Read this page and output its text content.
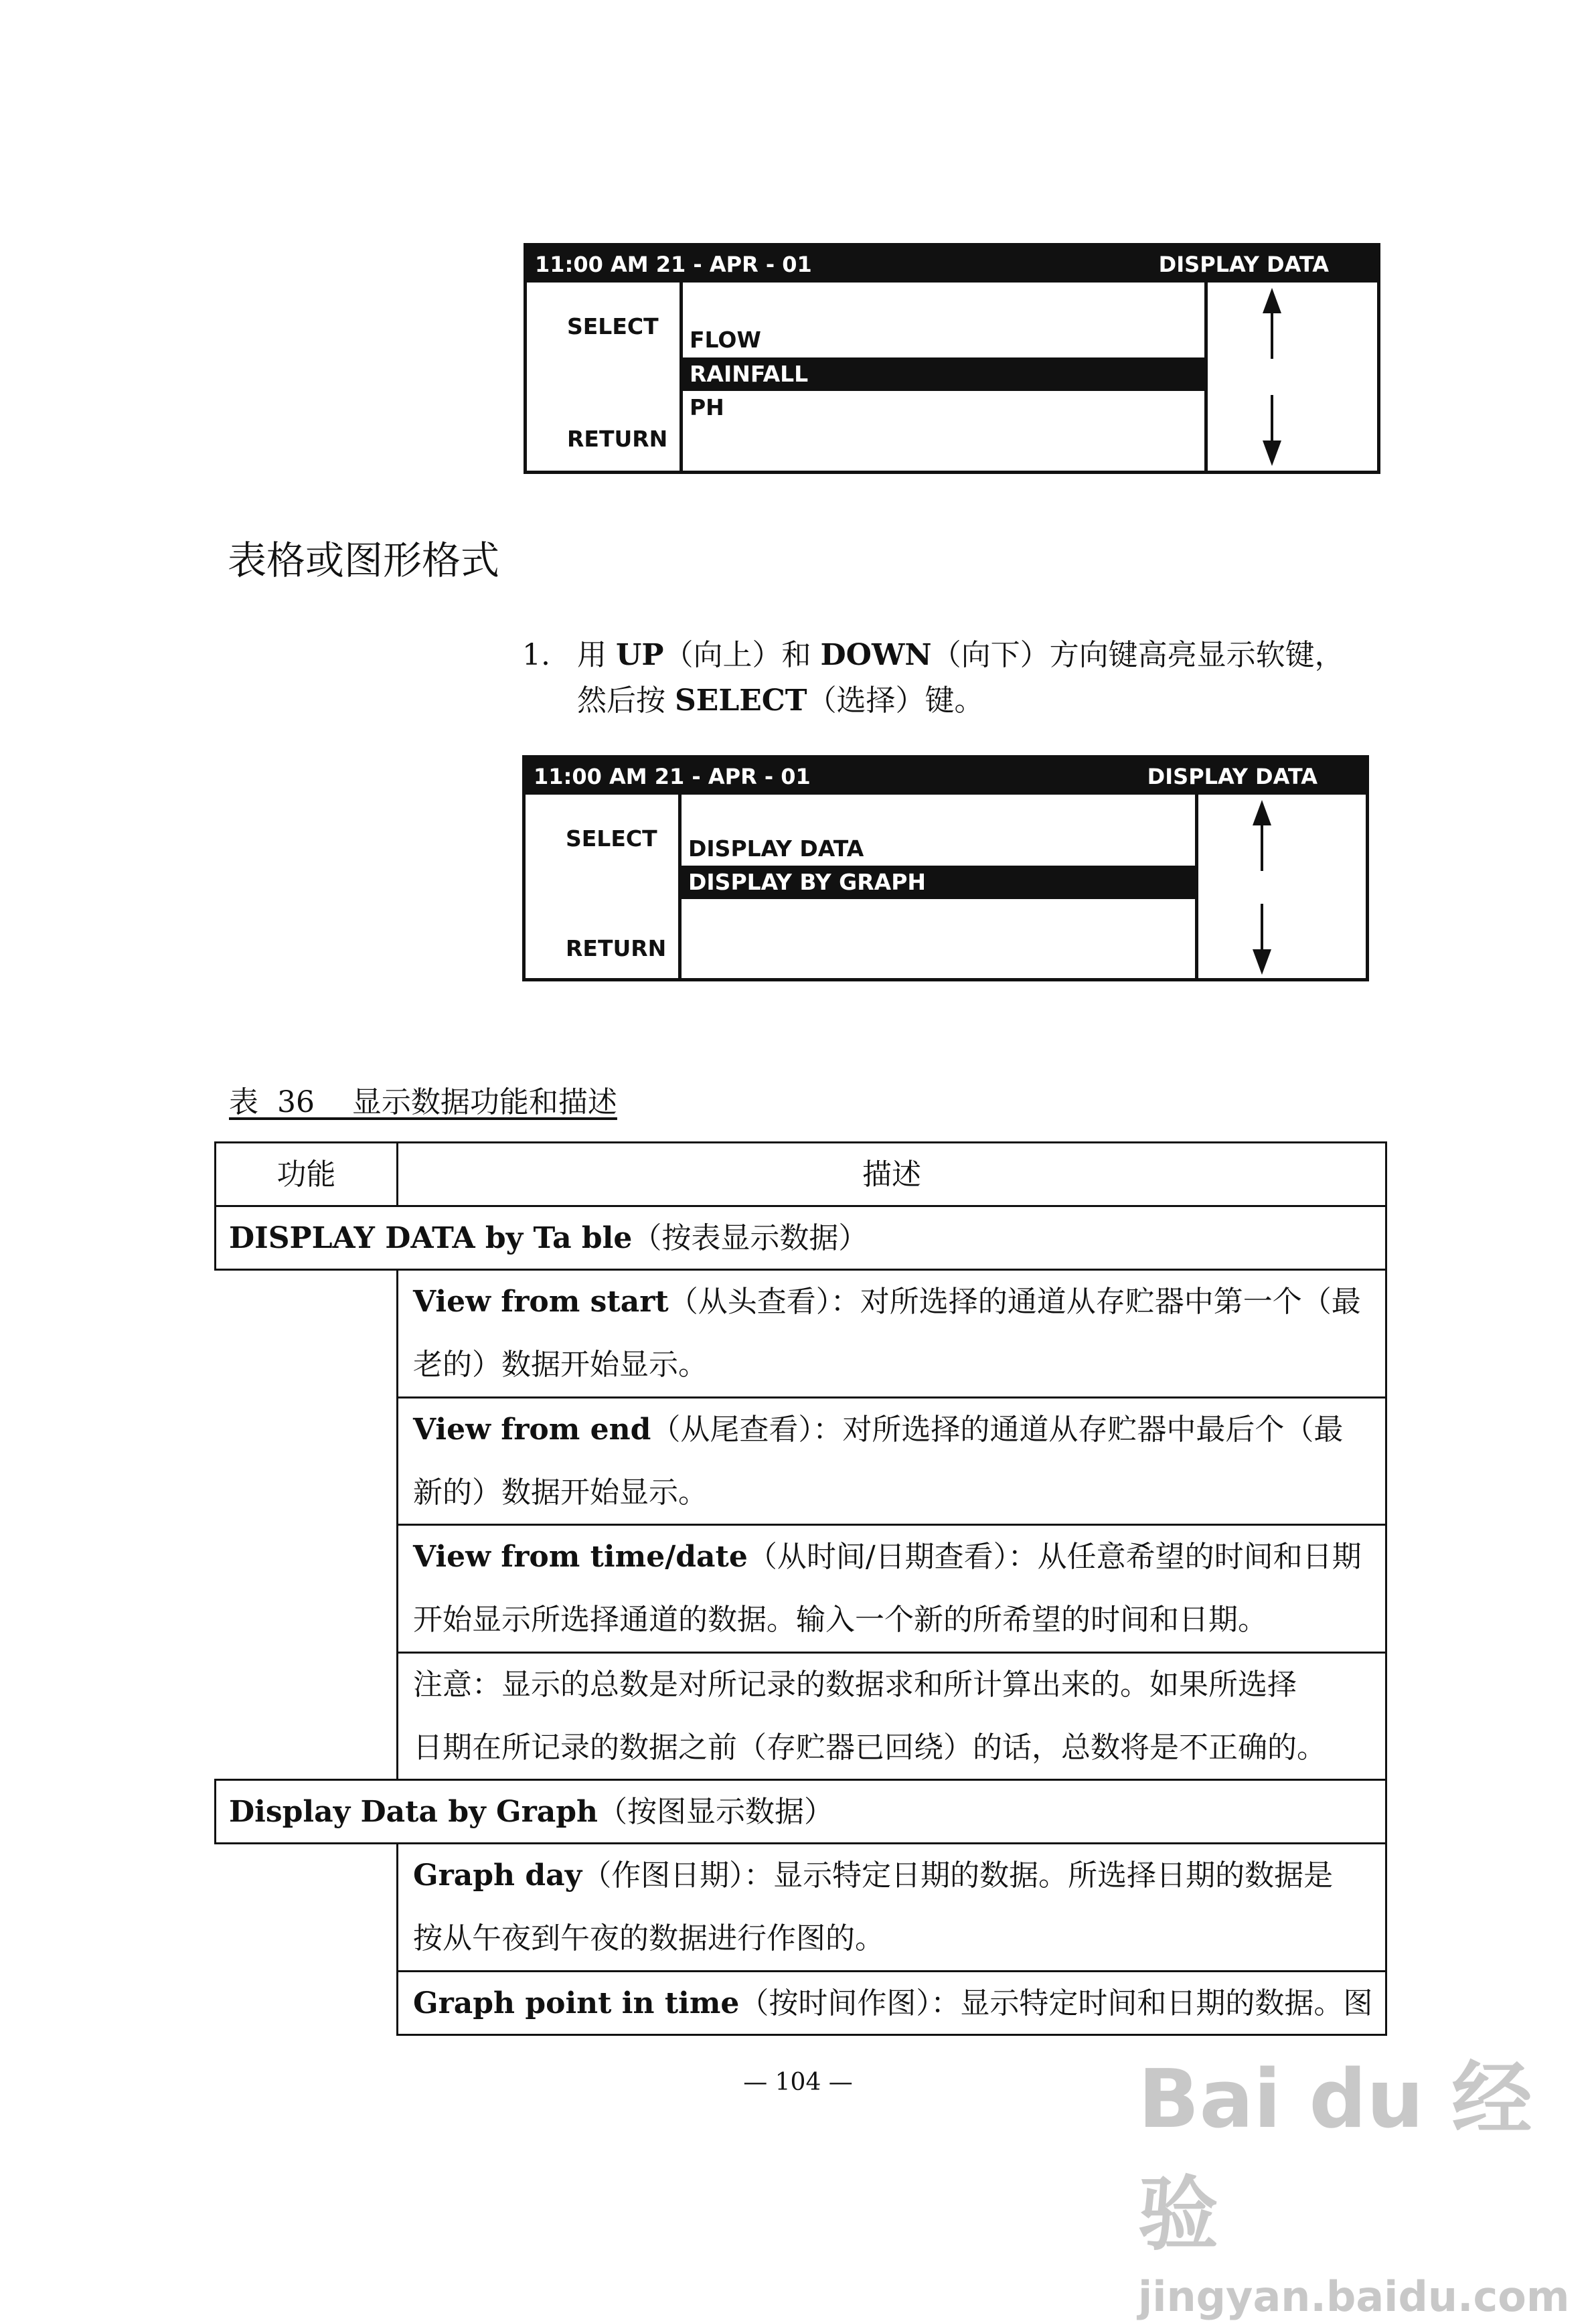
11:00 AM 21 - APR - 01	DISPLAY DATA
SELECT
RETURN
FLOW
RAINFALL
PH
表格或图形格式
1. 用 UP（向上）和 DOWN（向下）方向键高亮显示软键，
然后按 SELECT（选择）键。
11:00 AM 21 - APR - 01	DISPLAY DATA
SELECT
RETURN
DISPLAY DATA
DISPLAY BY GRAPH
表  36    显示数据功能和描述
功能	描述
DISPLAY DATA by Ta ble（按表显示数据）
View from start（从头查看）：对所选择的通道从存贮器中第一个（最
老的）数据开始显示。
View from end（从尾查看）：对所选择的通道从存贮器中最后个（最
新的）数据开始显示。
View from time/date（从时间/日期查看）：从任意希望的时间和日期
开始显示所选择通道的数据。输入一个新的所希望的时间和日期。
注意：显示的总数是对所记录的数据求和所计算出来的。如果所选择
日期在所记录的数据之前（存贮器已回绕）的话，总数将是不正确的。
Display Data by Graph（按图显示数据）
Graph day（作图日期）：显示特定日期的数据。所选择日期的数据是
按从午夜到午夜的数据进行作图的。
Graph point in time（按时间作图）：显示特定时间和日期的数据。图
— 104 —	Bai du 经验
jingyan.baidu.com
